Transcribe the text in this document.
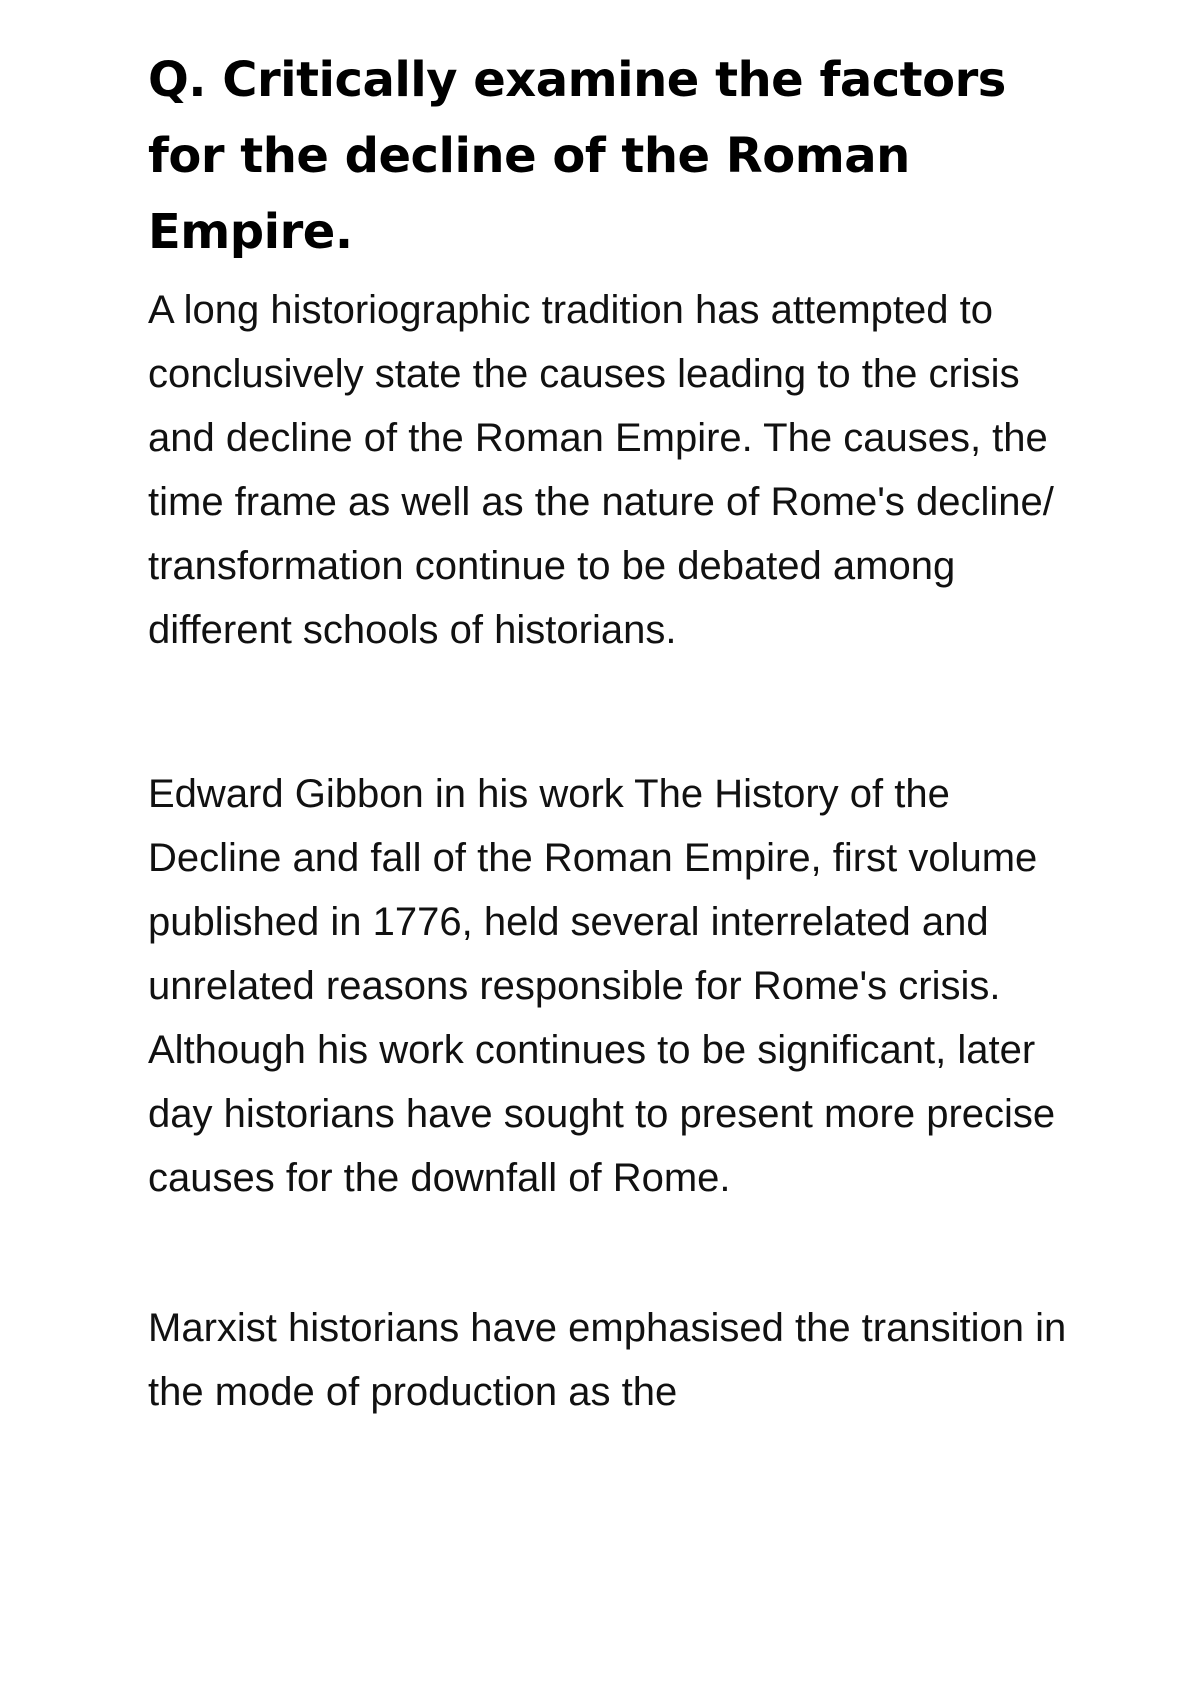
Q. Critically examine the factors for the decline of the Roman Empire.

A long historiographic tradition has attempted to conclusively state the causes leading to the crisis and decline of the Roman Empire. The causes, the time frame as well as the nature of Rome's decline/ transformation continue to be debated among different schools of historians.

Edward Gibbon in his work The History of the Decline and fall of the Roman Empire, first volume published in 1776, held several interrelated and unrelated reasons responsible for Rome's crisis. Although his work continues to be significant, later day historians have sought to present more precise causes for the downfall of Rome.

Marxist historians have emphasised the transition in the mode of production as the
